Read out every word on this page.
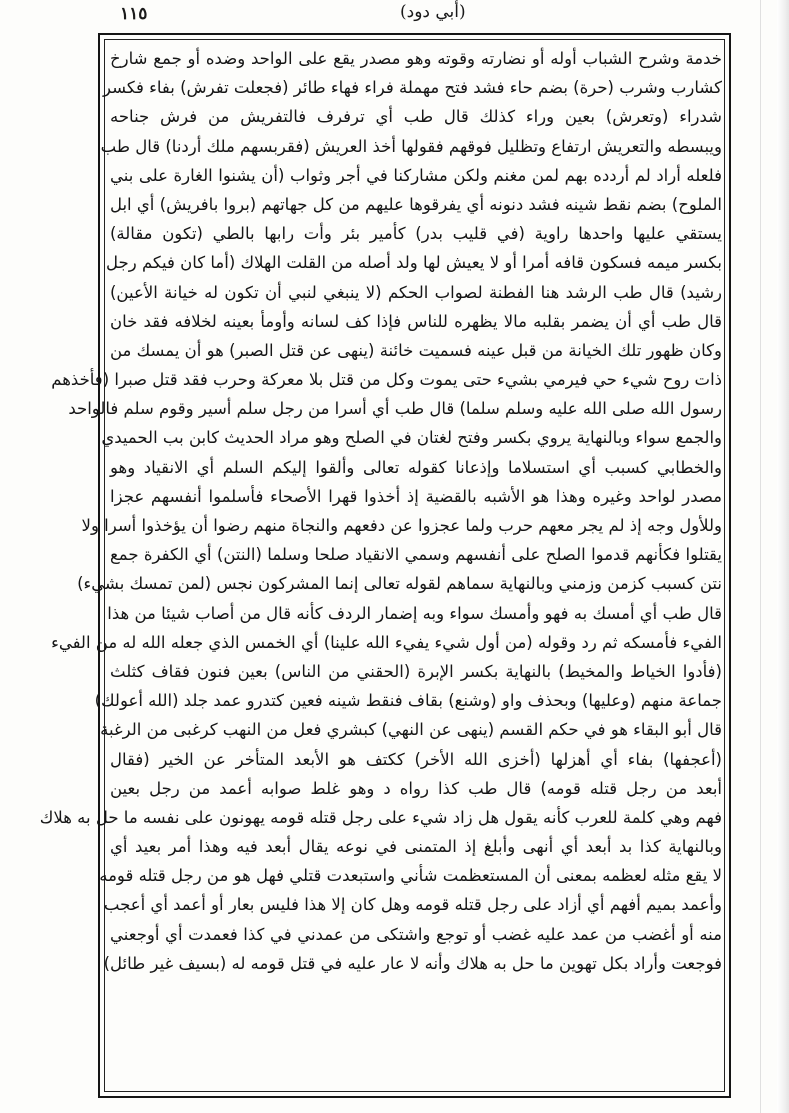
١١٥	(أبي دود)
خدمة وشرح الشباب أوله أو نضارته وقوته وهو مصدر يقع على الواحد وضده أو جمع شارخ
كشارب وشرب (حرة) بضم حاء فشد فتح مهملة فراء فهاء طائر (فجعلت تفرش) بفاء فكسر
شدراء (وتعرش) بعين وراء كذلك قال طب أي ترفرف فالتفريش من فرش جناحه
ويبسطه والتعريش ارتفاع وتظليل فوقهم فقولها أخذ العريش (فقربسهم ملك أردنا) قال طب
فلعله أراد لم أردده بهم لمن مغنم ولكن مشاركنا في أجر وثواب (أن يشنوا الغارة على بني
الملوح) بضم نقط شينه فشد دنونه أي يفرقوها عليهم من كل جهاتهم (بروا بافريش) أي ابل
يستقي عليها واحدها راوية (في قليب بدر) كأمير بئر وأت رابها بالطي (تكون مقالة)
بكسر ميمه فسكون قافه أمرا أو لا يعيش لها ولد أصله من القلت الهلاك (أما كان فيكم رجل
رشيد) قال طب الرشد هنا الفطنة لصواب الحكم (لا ينبغي لنبي أن تكون له خيانة الأعين)
قال طب أي أن يضمر بقلبه مالا يظهره للناس فإذا كف لسانه وأومأ بعينه لخلافه فقد خان
وكان ظهور تلك الخيانة من قبل عينه فسميت خائنة (ينهى عن قتل الصبر) هو أن يمسك من
ذات روح شيء حي فيرمي بشيء حتى يموت وكل من قتل بلا معركة وحرب فقد قتل صبرا (فأخذهم
رسول الله صلى الله عليه وسلم سلما) قال طب أي أسرا من رجل سلم أسير وقوم سلم فالواحد
والجمع سواء وبالنهاية يروي بكسر وفتح لغتان في الصلح وهو مراد الحديث كابن بب الحميدي
والخطابي كسبب أي استسلاما وإذعانا كقوله تعالى وألقوا إليكم السلم أي الانقياد وهو
مصدر لواحد وغيره وهذا هو الأشبه بالقضية إذ أخذوا قهرا الأصحاء فأسلموا أنفسهم عجزا
وللأول وجه إذ لم يجر معهم حرب ولما عجزوا عن دفعهم والنجاة منهم رضوا أن يؤخذوا أسرا ولا
يقتلوا فكأنهم قدموا الصلح على أنفسهم وسمي الانقياد صلحا وسلما (النتن) أي الكفرة جمع
نتن كسبب كزمن وزمني وبالنهاية سماهم لقوله تعالى إنما المشركون نجس (لمن تمسك بشيء)
قال طب أي أمسك به فهو وأمسك سواء وبه إضمار الردف كأنه قال من أصاب شيئا من هذا
الفيء فأمسكه ثم رد وقوله (من أول شيء يفيء الله علينا) أي الخمس الذي جعله الله له من الفيء
(فأدوا الخياط والمخيط) بالنهاية بكسر الإبرة (الحقني من الناس) بعين فنون فقاف كثلث
جماعة منهم (وعليها) وبحذف واو (وشنع) بقاف فنقط شينه فعين كتدرو عمد جلد (الله أعولك)
قال أبو البقاء هو في حكم القسم (ينهى عن النهي) كبشري فعل من النهب كرغبى من الرغبة
(أعجفها) بفاء أي أهزلها (أخزى الله الأخر) ككتف هو الأبعد المتأخر عن الخير (فقال
أبعد من رجل قتله قومه) قال طب كذا رواه د وهو غلط صوابه أعمد من رجل بعين
فهم وهي كلمة للعرب كأنه يقول هل زاد شيء على رجل قتله قومه يهونون على نفسه ما حل به هلاك
وبالنهاية كذا بد أبعد أي أنهى وأبلغ إذ المتمنى في نوعه يقال أبعد فيه وهذا أمر بعيد أي
لا يقع مثله لعظمه بمعنى أن المستعظمت شأني واستبعدت قتلي فهل هو من رجل قتله قومه
وأعمد بميم أفهم أي أزاد على رجل قتله قومه وهل كان إلا هذا فليس بعار أو أعمد أي أعجب
منه أو أغضب من عمد عليه غضب أو توجع واشتكى من عمدني في كذا فعمدت أي أوجعني
فوجعت وأراد بكل تهوين ما حل به هلاك وأنه لا عار عليه في قتل قومه له (بسيف غير طائل)
